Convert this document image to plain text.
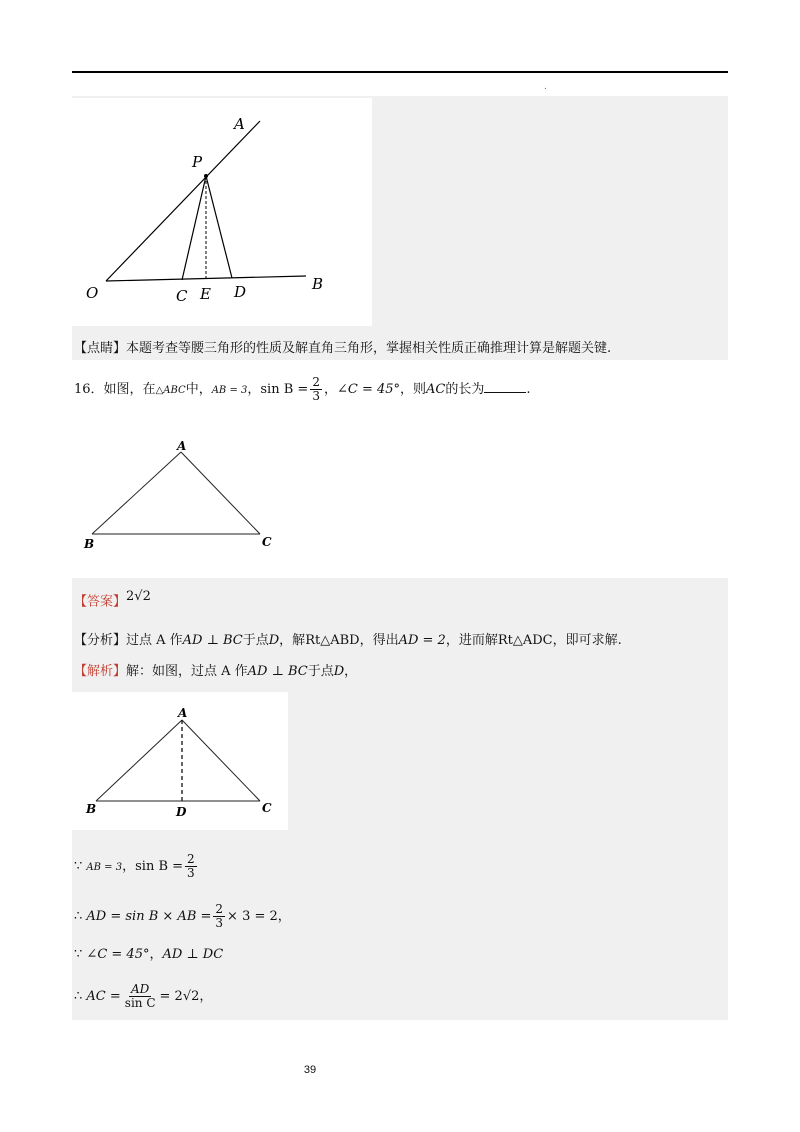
.
A
P
O	C E D	B
【点睛】本题考查等腰三角形的性质及解直角三角形，掌握相关性质正确推理计算是解题关键.
16．如图，在△ABC中，AB = 3，$\sin B = \frac{2}{3}$ ，∠C = 45°，则AC的长为	.
A
B	C
【答案】2√2
【分析】过点 A 作AD ⊥ BC于点D，解Rt△ABD，得出AD = 2，进而解Rt△ADC，即可求解.
【解析】解：如图，过点 A 作AD ⊥ BC于点D，
A
B	D	C
∵ AB = 3，$\sin B = \frac{2}{3}$
∴ AD = sin B × AB = $\frac{2}{3} \times 3 = 2$，
∵ ∠C = 45°，AD ⊥ DC
∴ AC = $\frac{AD}{\text{sin C}} = 2√2$，
39
